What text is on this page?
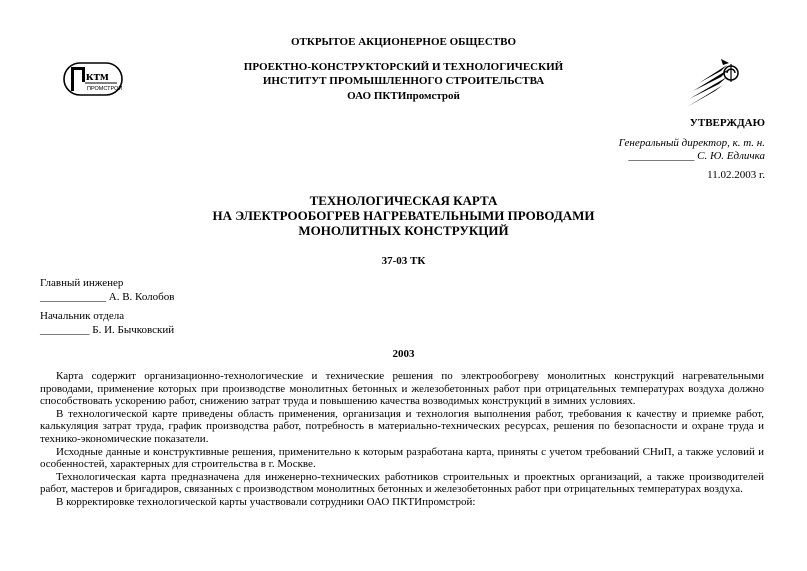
ОТКРЫТОЕ АКЦИОНЕРНОЕ ОБЩЕСТВО
ПРОЕКТНО-КОНСТРУКТОРСКИЙ И ТЕХНОЛОГИЧЕСКИЙ
ИНСТИТУТ ПРОМЫШЛЕННОГО СТРОИТЕЛЬСТВА
ОАО ПКТИпромстрой
ктм
ПРОМСТРОЙ
УТВЕРЖДАЮ
Генеральный директор, к. т. н.
____________ С. Ю. Едличка
11.02.2003 г.
ТЕХНОЛОГИЧЕСКАЯ КАРТА
НА ЭЛЕКТРООБОГРЕВ НАГРЕВАТЕЛЬНЫМИ ПРОВОДАМИ
МОНОЛИТНЫХ КОНСТРУКЦИЙ
37-03 ТК
Главный инженер
____________ А. В. Колобов
Начальник отдела
_________ Б. И. Бычковский
2003

Карта содержит организационно-технологические и технические решения по электрообогреву монолитных конструкций нагревательными проводами, применение которых при производстве монолитных бетонных и железобетонных работ при отрицательных температурах воздуха должно способствовать ускорению работ, снижению затрат труда и повышению качества возводимых конструкций в зимних условиях.

В технологической карте приведены область применения, организация и технология выполнения работ, требования к качеству и приемке работ, калькуляция затрат труда, график производства работ, потребность в материально-технических ресурсах, решения по безопасности и охране труда и технико-экономические показатели.

Исходные данные и конструктивные решения, применительно к которым разработана карта, приняты с учетом требований СНиП, а также условий и особенностей, характерных для строительства в г. Москве.

Технологическая карта предназначена для инженерно-технических работников строительных и проектных организаций, а также производителей работ, мастеров и бригадиров, связанных с производством монолитных бетонных и железобетонных работ при отрицательных температурах воздуха.

В корректировке технологической карты участвовали сотрудники ОАО ПКТИпромстрой:
